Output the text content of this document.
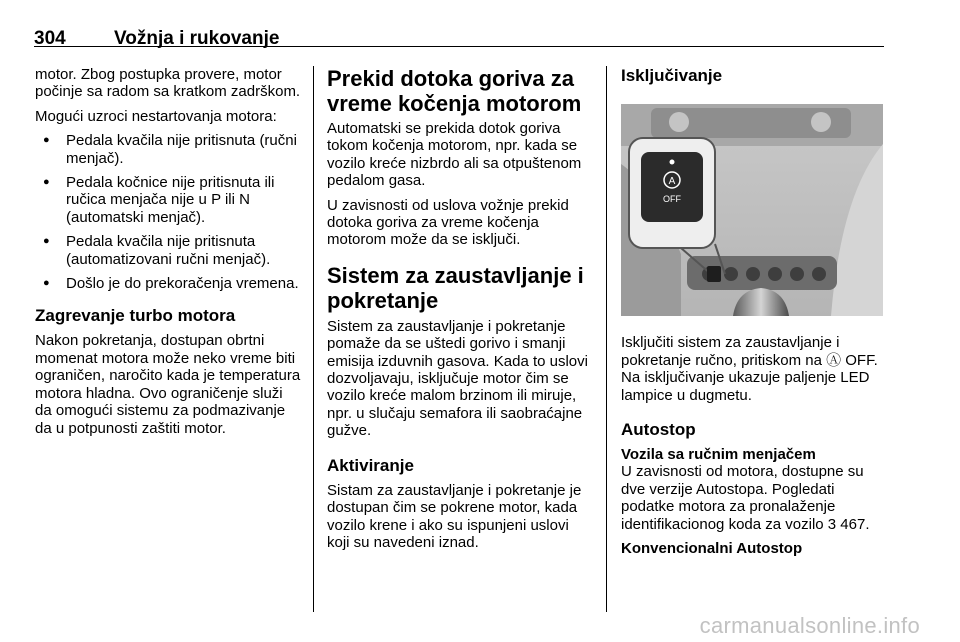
304	Vožnja i rukovanje

motor. Zbog postupka provere, motor počinje sa radom sa kratkom zadrškom.

Mogući uzroci nestartovanja motora:

● Pedala kvačila nije pritisnuta (ručni menjač).
● Pedala kočnice nije pritisnuta ili ručica menjača nije u P ili N (automatski menjač).
● Pedala kvačila nije pritisnuta (automatizovani ručni menjač).
● Došlo je do prekoračenja vremena.
Zagrevanje turbo motora

Nakon pokretanja, dostupan obrtni momenat motora može neko vreme biti ograničen, naročito kada je temperatura motora hladna. Ovo ograničenje služi da omogući sistemu za podmazivanje da u potpunosti zaštiti motor.

Prekid dotoka goriva za vreme kočenja motorom

Automatski se prekida dotok goriva tokom kočenja motorom, npr. kada se vozilo kreće nizbrdo ali sa otpuštenom pedalom gasa.

U zavisnosti od uslova vožnje prekid dotoka goriva za vreme kočenja motorom može da se isključi.

Sistem za zaustavljanje i pokretanje

Sistem za zaustavljanje i pokretanje pomaže da se uštedi gorivo i smanji emisija izduvnih gasova. Kada to uslovi dozvoljavaju, isključuje motor čim se vozilo kreće malom brzinom ili miruje, npr. u slučaju semafora ili saobraćajne gužve.

Aktiviranje

Sistam za zaustavljanje i pokretanje je dostupan čim se pokrene motor, kada vozilo krene i ako su ispunjeni uslovi koji su navedeni iznad.

Isključivanje
A
OFF

Isključiti sistem za zaustavljanje i pokretanje ručno, pritiskom na Ⓐ OFF. Na isključivanje ukazuje paljenje LED lampice u dugmetu.

Autostop
Vozila sa ručnim menjačem

U zavisnosti od motora, dostupne su dve verzije Autostopa. Pogledati podatke motora za pronalaženje identifikacionog koda za vozilo 3 467.

Konvencionalni Autostop
carmanualsonline.info
